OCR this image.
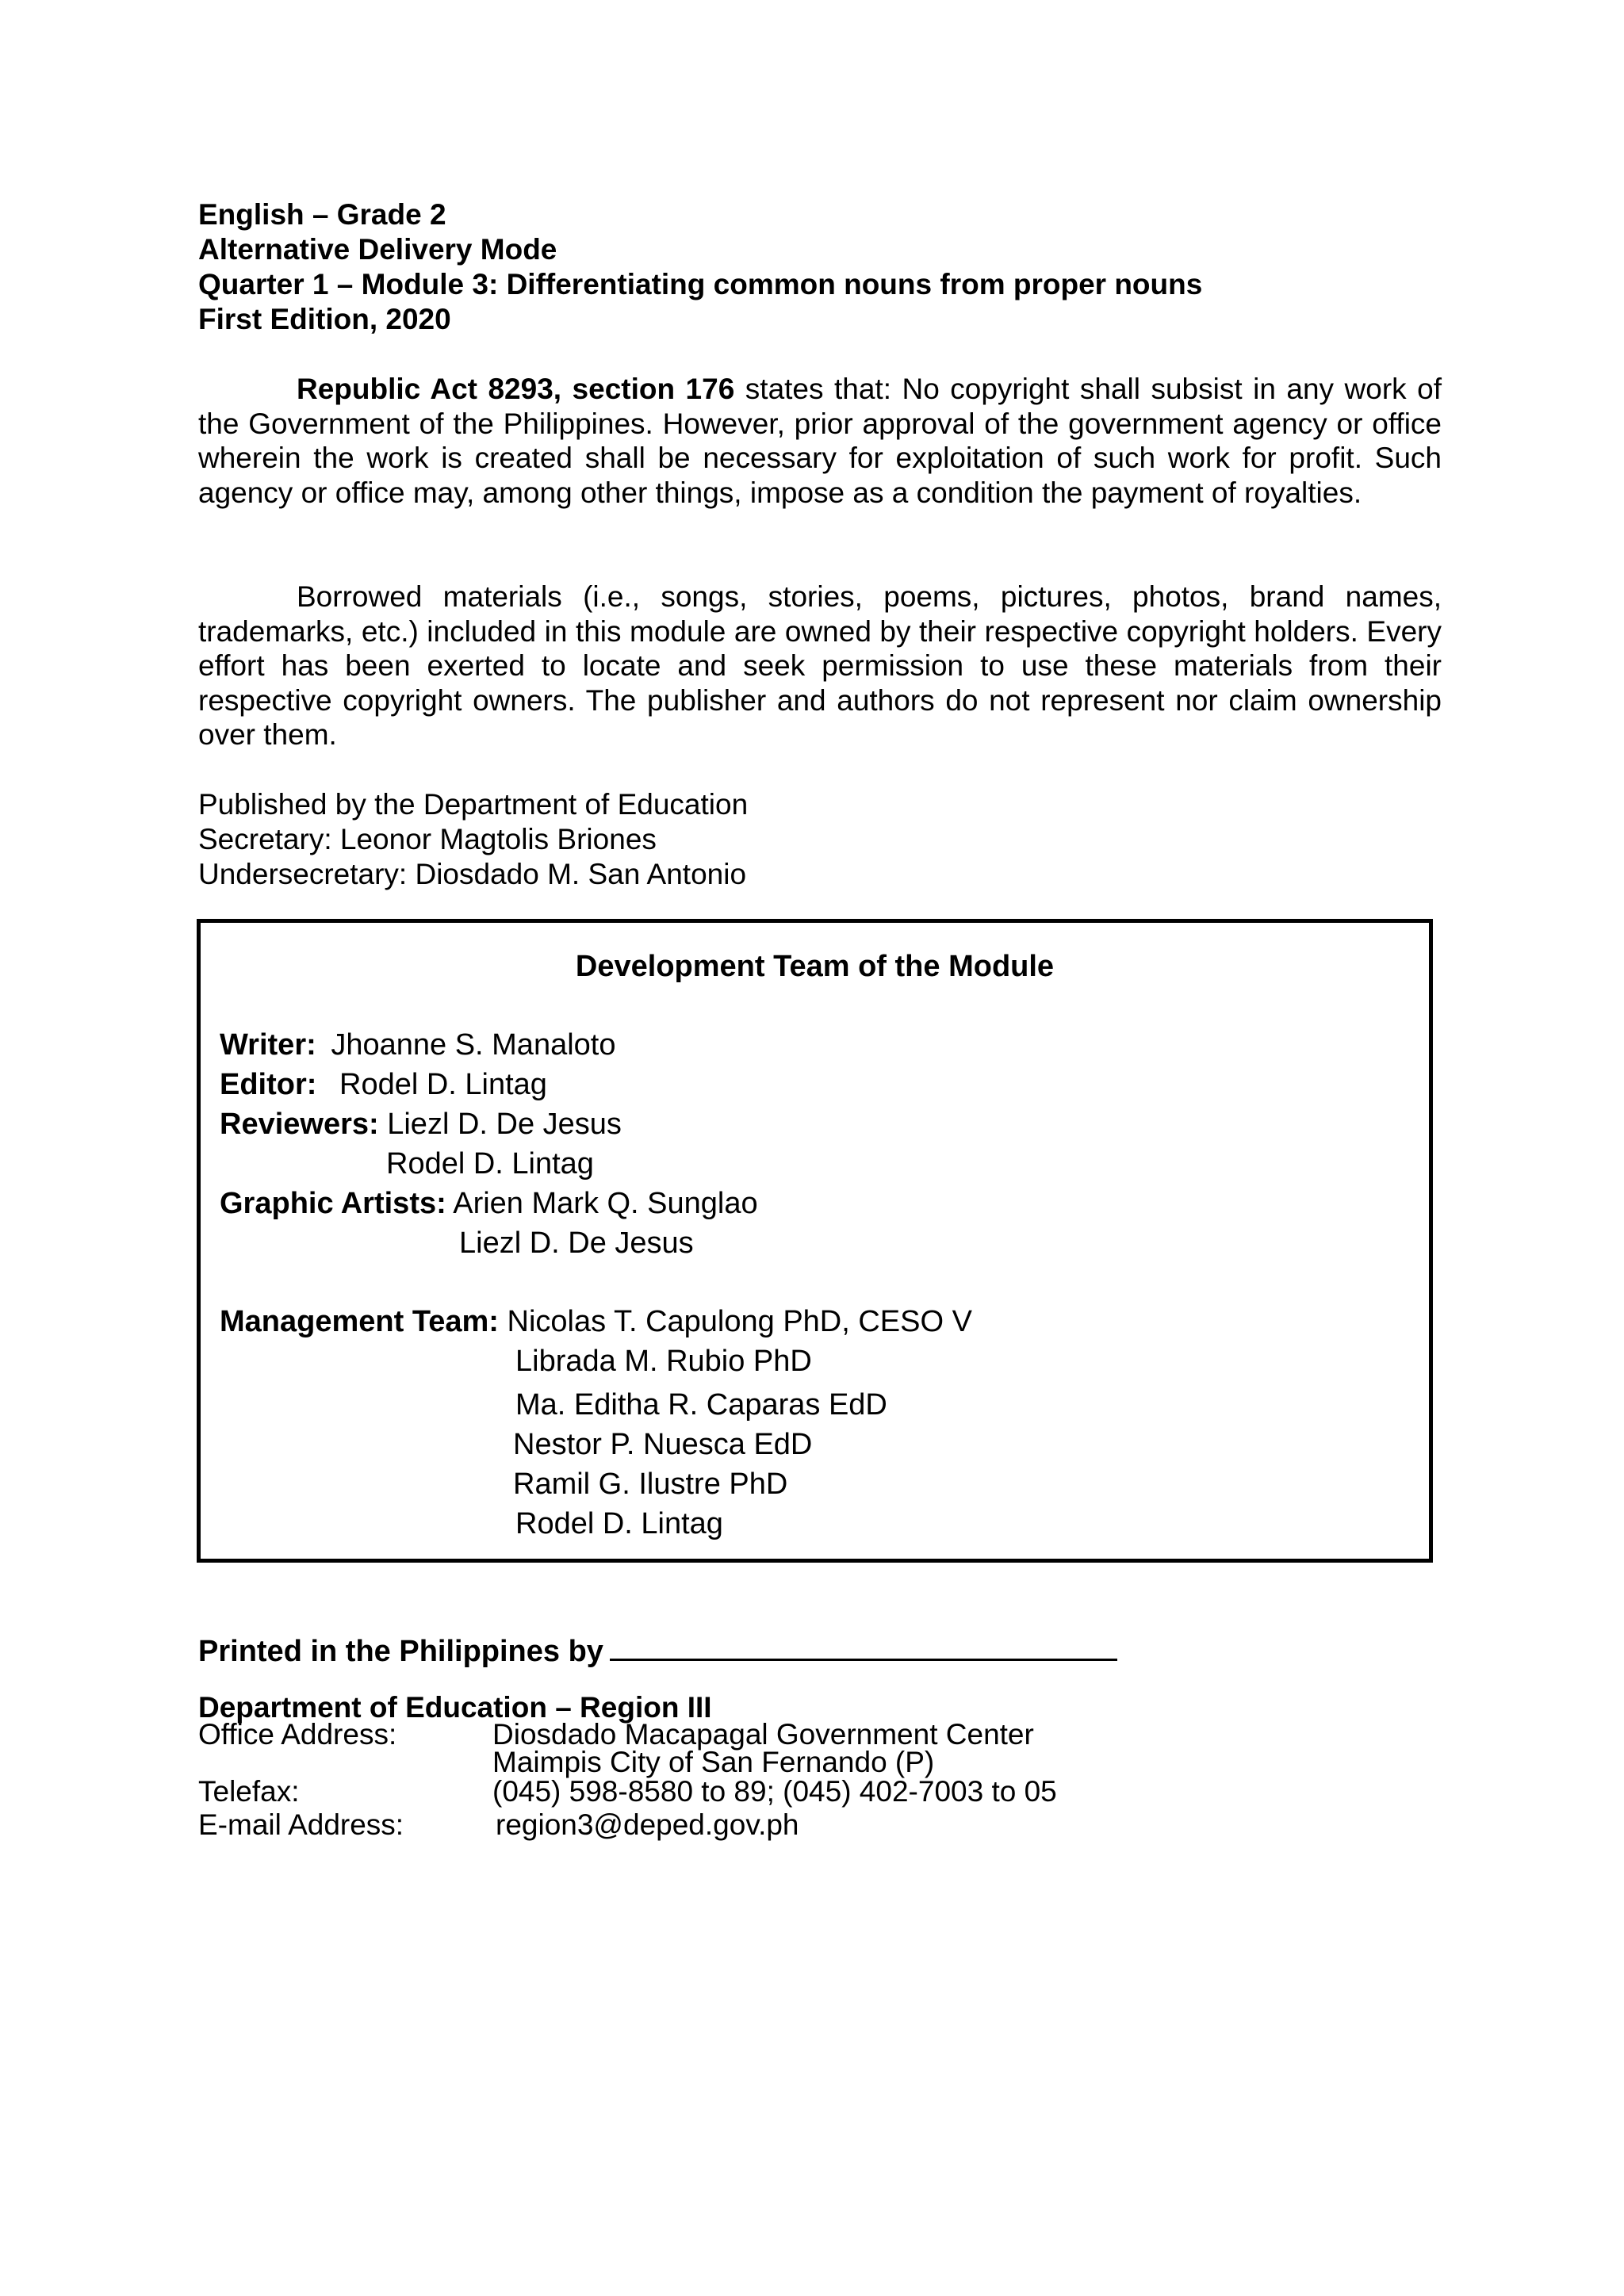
English – Grade 2
Alternative Delivery Mode
Quarter 1 – Module 3: Differentiating common nouns from proper nouns
First Edition, 2020
Republic Act 8293, section 176 states that: No copyright shall subsist in any work of the Government of the Philippines. However, prior approval of the government agency or office wherein the work is created shall be necessary for exploitation of such work for profit. Such agency or office may, among other things, impose as a condition the payment of royalties.
Borrowed materials (i.e., songs, stories, poems, pictures, photos, brand names, trademarks, etc.) included in this module are owned by their respective copyright holders. Every effort has been exerted to locate and seek permission to use these materials from their respective copyright owners. The publisher and authors do not represent nor claim ownership over them.
Published by the Department of Education
Secretary: Leonor Magtolis Briones
Undersecretary: Diosdado M. San Antonio
Development Team of the Module
Writer: Jhoanne S. Manaloto
Editor: Rodel D. Lintag
Reviewers: Liezl D. De Jesus
Rodel D. Lintag
Graphic Artists: Arien Mark Q. Sunglao
Liezl D. De Jesus
Management Team: Nicolas T. Capulong PhD, CESO V
Librada M. Rubio PhD
Ma. Editha R. Caparas EdD
Nestor P. Nuesca EdD
Ramil G. Ilustre PhD
Rodel D. Lintag
Printed in the Philippines by
Department of Education – Region III
Office Address:	Diosdado Macapagal Government Center
Maimpis City of San Fernando (P)
Telefax:	(045) 598-8580 to 89; (045) 402-7003 to 05
E-mail Address:	region3@deped.gov.ph
